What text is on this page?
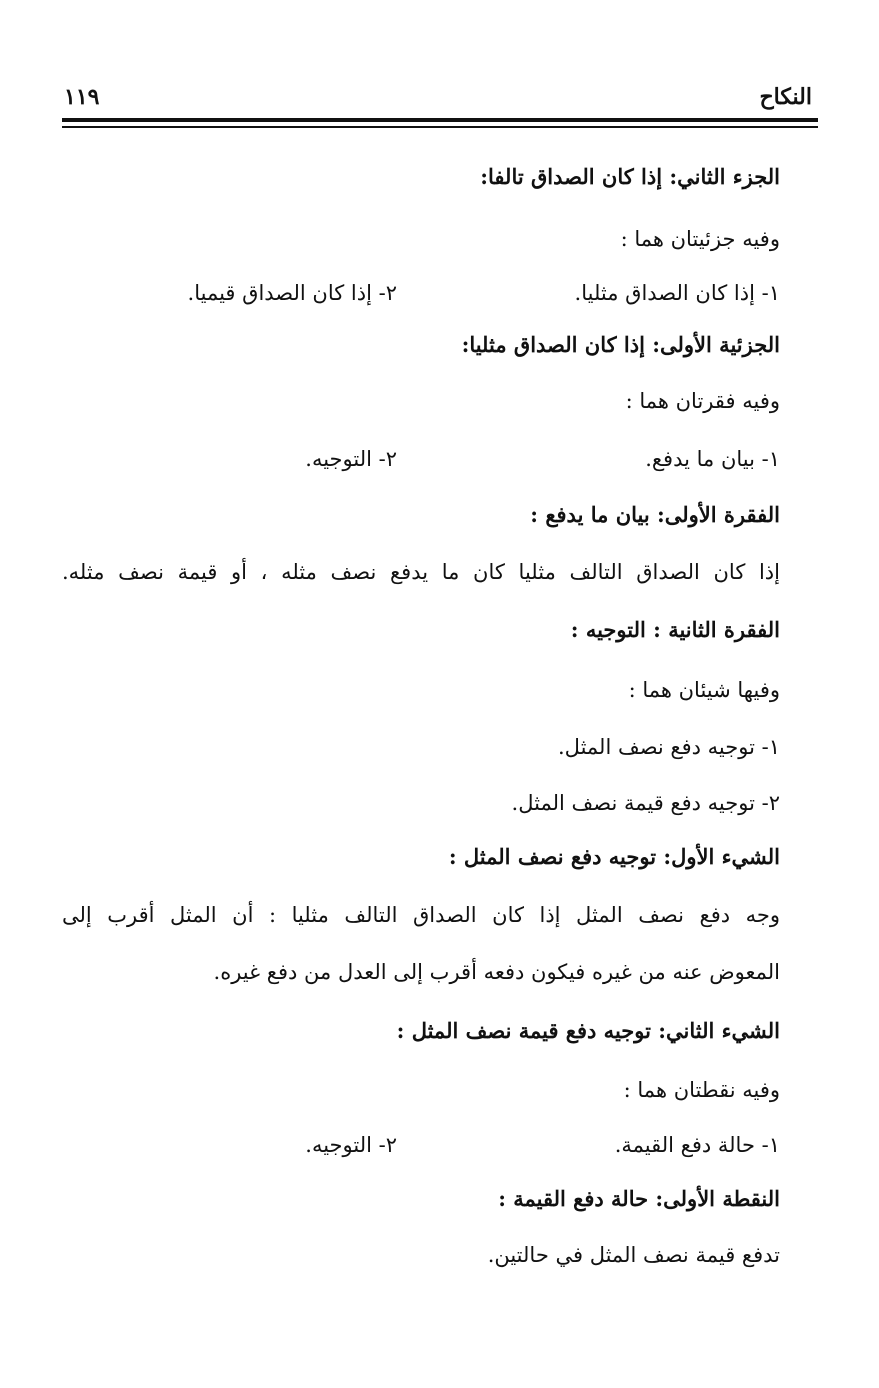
النكاح
١١٩
الجزء الثاني: إذا كان الصداق تالفا:
وفيه جزئيتان هما :
١- إذا كان الصداق مثليا.
٢- إذا كان الصداق قيميا.
الجزئية الأولى: إذا كان الصداق مثليا:
وفيه فقرتان هما :
١- بيان ما يدفع.
٢- التوجيه.
الفقرة الأولى: بيان ما يدفع :
إذا كان الصداق التالف مثليا كان ما يدفع نصف مثله ، أو قيمة نصف مثله.
الفقرة الثانية : التوجيه :
وفيها شيئان هما :
١- توجيه دفع نصف المثل.
٢- توجيه دفع قيمة نصف المثل.
الشيء الأول: توجيه دفع نصف المثل :
وجه دفع نصف المثل إذا كان الصداق التالف مثليا : أن المثل أقرب إلى
المعوض عنه من غيره فيكون دفعه أقرب إلى العدل من دفع غيره.
الشيء الثاني: توجيه دفع قيمة نصف المثل :
وفيه نقطتان هما :
١- حالة دفع القيمة.
٢- التوجيه.
النقطة الأولى: حالة دفع القيمة :
تدفع قيمة نصف المثل في حالتين.
